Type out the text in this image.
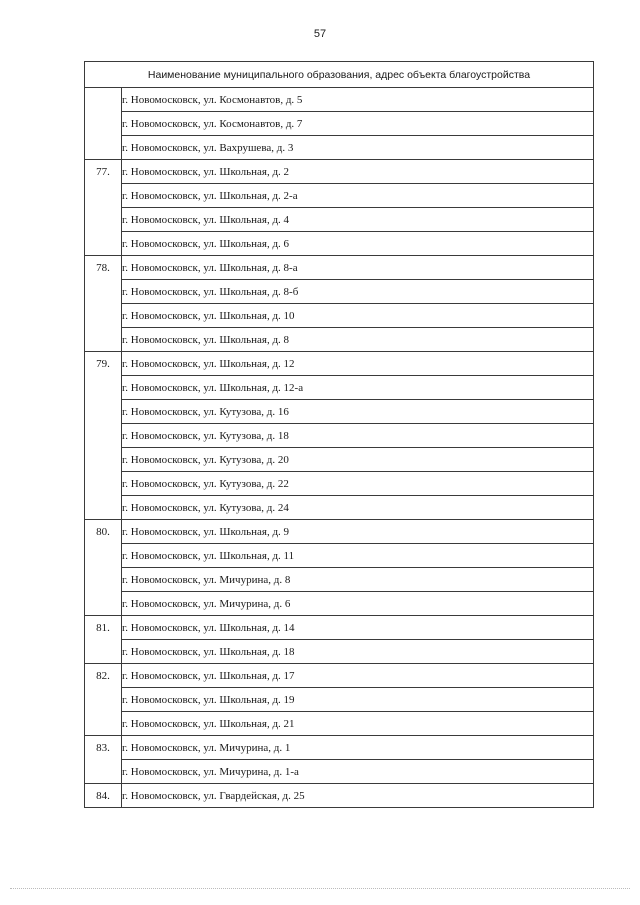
57
Наименование муниципального образования, адрес объекта благоустройства	
	г. Новомосковск, ул. Космонавтов, д. 5
	г. Новомосковск, ул. Космонавтов, д. 7
	г. Новомосковск, ул. Вахрушева, д. 3
77.	г. Новомосковск, ул. Школьная, д. 2
	г. Новомосковск, ул. Школьная, д. 2-а
	г. Новомосковск, ул. Школьная, д. 4
	г. Новомосковск, ул. Школьная, д. 6
78.	г. Новомосковск, ул. Школьная, д. 8-а
	г. Новомосковск, ул. Школьная, д. 8-б
	г. Новомосковск, ул. Школьная, д. 10
	г. Новомосковск, ул. Школьная, д. 8
79.	г. Новомосковск, ул. Школьная, д. 12
	г. Новомосковск, ул. Школьная, д. 12-а
	г. Новомосковск, ул. Кутузова, д. 16
	г. Новомосковск, ул. Кутузова, д. 18
	г. Новомосковск, ул. Кутузова, д. 20
	г. Новомосковск, ул. Кутузова, д. 22
	г. Новомосковск, ул. Кутузова, д. 24
80.	г. Новомосковск, ул. Школьная, д. 9
	г. Новомосковск, ул. Школьная, д. 11
	г. Новомосковск, ул. Мичурина, д. 8
	г. Новомосковск, ул. Мичурина, д. 6
81.	г. Новомосковск, ул. Школьная, д. 14
	г. Новомосковск, ул. Школьная, д. 18
82.	г. Новомосковск, ул. Школьная, д. 17
	г. Новомосковск, ул. Школьная, д. 19
	г. Новомосковск, ул. Школьная, д. 21
83.	г. Новомосковск, ул. Мичурина, д. 1
	г. Новомосковск, ул. Мичурина, д. 1-а
84.	г. Новомосковск, ул. Гвардейская, д. 25
